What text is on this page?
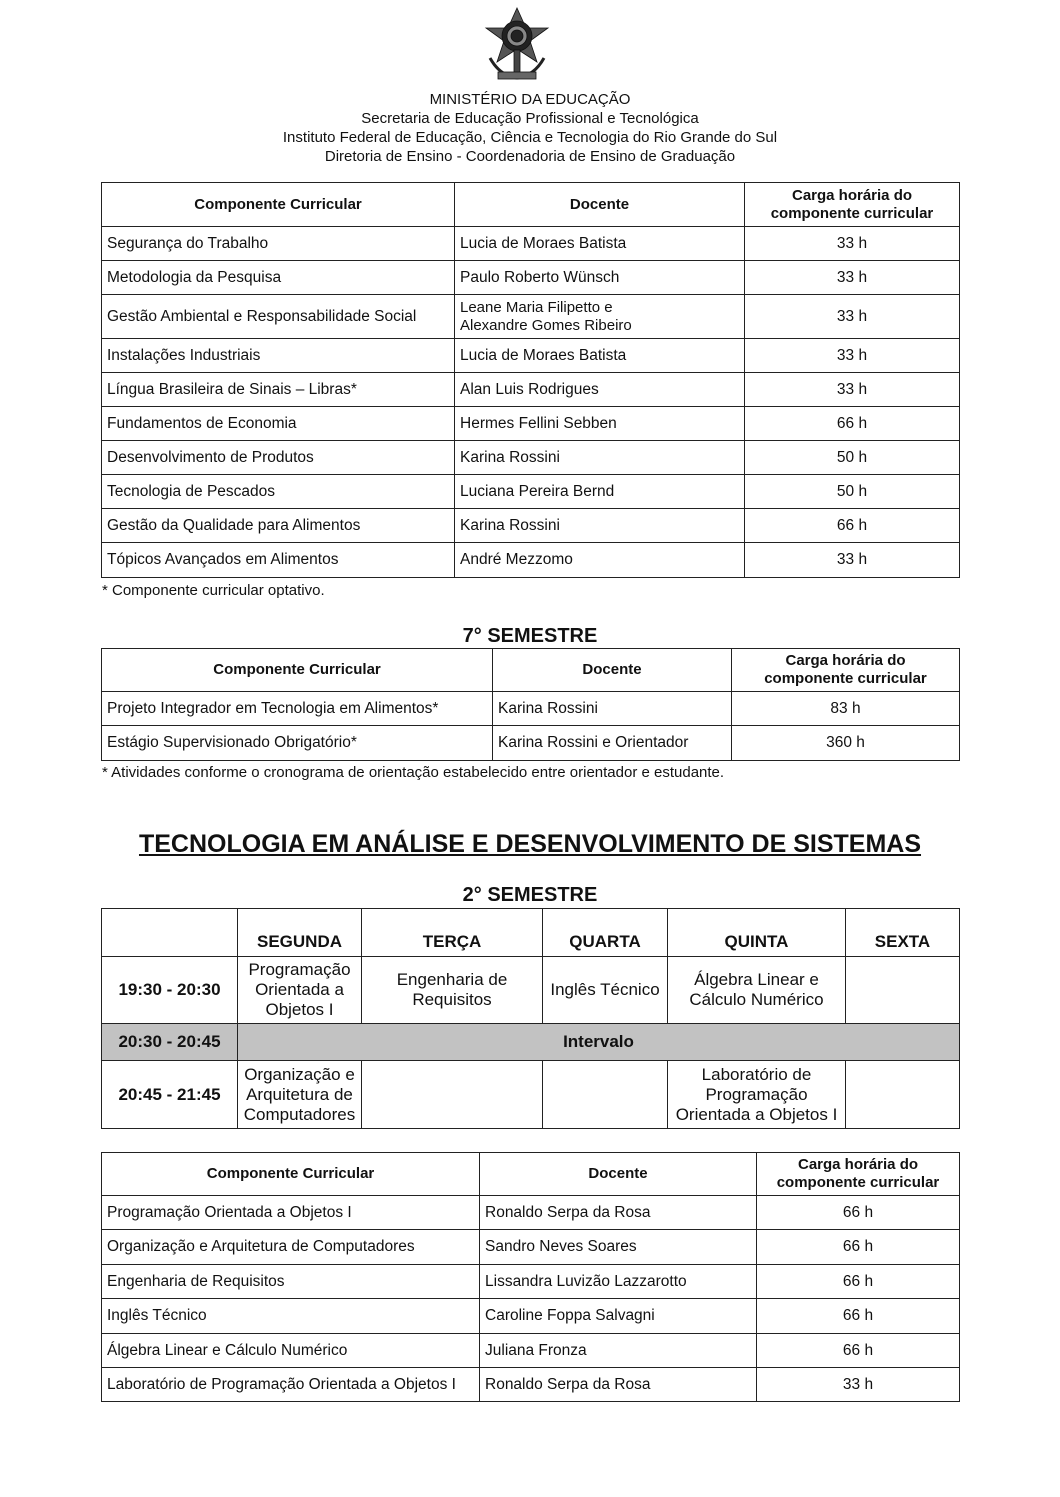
MINISTÉRIO DA EDUCAÇÃO
Secretaria de Educação Profissional e Tecnológica
Instituto Federal de Educação, Ciência e Tecnologia do Rio Grande do Sul
Diretoria de Ensino - Coordenadoria de Ensino de Graduação
Componente Curricular	Docente	Carga horária do
componente curricular
Segurança do Trabalho	Lucia de Moraes Batista	33 h
Metodologia da Pesquisa	Paulo Roberto Wünsch	33 h
Gestão Ambiental e Responsabilidade Social	Leane Maria Filipetto e
Alexandre Gomes Ribeiro	33 h
Instalações Industriais	Lucia de Moraes Batista	33 h
Língua Brasileira de Sinais – Libras*	Alan Luis Rodrigues	33 h
Fundamentos de Economia	Hermes Fellini Sebben	66 h
Desenvolvimento de Produtos	Karina Rossini	50 h
Tecnologia de Pescados	Luciana Pereira Bernd	50 h
Gestão da Qualidade para Alimentos	Karina Rossini	66 h
Tópicos Avançados em Alimentos	André Mezzomo	33 h
* Componente curricular optativo.
7° SEMESTRE
Componente Curricular	Docente	Carga horária do
componente curricular
Projeto Integrador em Tecnologia em Alimentos*	Karina Rossini	83 h
Estágio Supervisionado Obrigatório*	Karina Rossini e Orientador	360 h
* Atividades conforme o cronograma de orientação estabelecido entre orientador e estudante.
TECNOLOGIA EM ANÁLISE E DESENVOLVIMENTO DE SISTEMAS
2° SEMESTRE
	SEGUNDA	TERÇA	QUARTA	QUINTA	SEXTA
19:30 - 20:30	Programação
Orientada a
Objetos I	Engenharia de
Requisitos	Inglês Técnico	Álgebra Linear e
Cálculo Numérico	
20:30 - 20:45	Intervalo				
20:45 - 21:45	Organização e
Arquitetura de
Computadores			Laboratório de
Programação
Orientada a Objetos I	
Componente Curricular	Docente	Carga horária do
componente curricular
Programação Orientada a Objetos I	Ronaldo Serpa da Rosa	66 h
Organização e Arquitetura de Computadores	Sandro Neves Soares	66 h
Engenharia de Requisitos	Lissandra Luvizão Lazzarotto	66 h
Inglês Técnico	Caroline Foppa Salvagni	66 h
Álgebra Linear e Cálculo Numérico	Juliana Fronza	66 h
Laboratório de Programação Orientada a Objetos I	Ronaldo Serpa da Rosa	33 h
